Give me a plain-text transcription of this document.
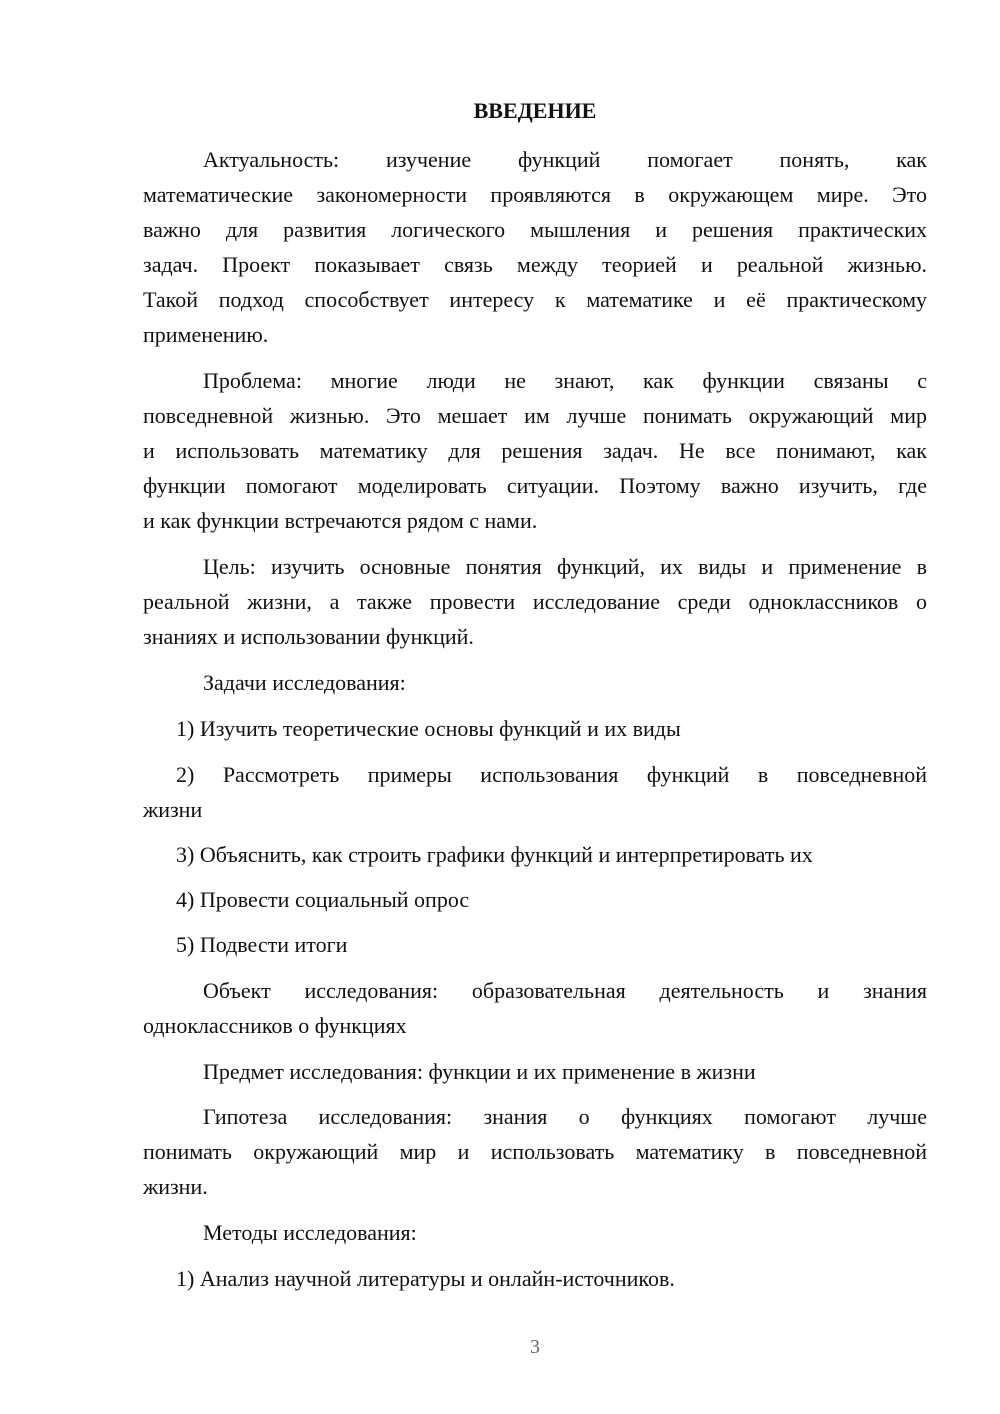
ВВЕДЕНИЕ
Актуальность: изучение функций помогает понять, как
математические закономерности проявляются в окружающем мире. Это
важно для развития логического мышления и решения практических
задач. Проект показывает связь между теорией и реальной жизнью.
Такой подход способствует интересу к математике и её практическому
применению.
Проблема: многие люди не знают, как функции связаны с
повседневной жизнью. Это мешает им лучше понимать окружающий мир
и использовать математику для решения задач. Не все понимают, как
функции помогают моделировать ситуации. Поэтому важно изучить, где
и как функции встречаются рядом с нами.
Цель: изучить основные понятия функций, их виды и применение в
реальной жизни, а также провести исследование среди одноклассников о
знаниях и использовании функций.
Задачи исследования:
1) Изучить теоретические основы функций и их виды
2) Рассмотреть примеры использования функций в повседневной
жизни
3) Объяснить, как строить графики функций и интерпретировать их
4) Провести социальный опрос
5) Подвести итоги
Объект исследования: образовательная деятельность и знания
одноклассников о функциях
Предмет исследования: функции и их применение в жизни
Гипотеза исследования: знания о функциях помогают лучше
понимать окружающий мир и использовать математику в повседневной
жизни.
Методы исследования:
1) Анализ научной литературы и онлайн-источников.
3
